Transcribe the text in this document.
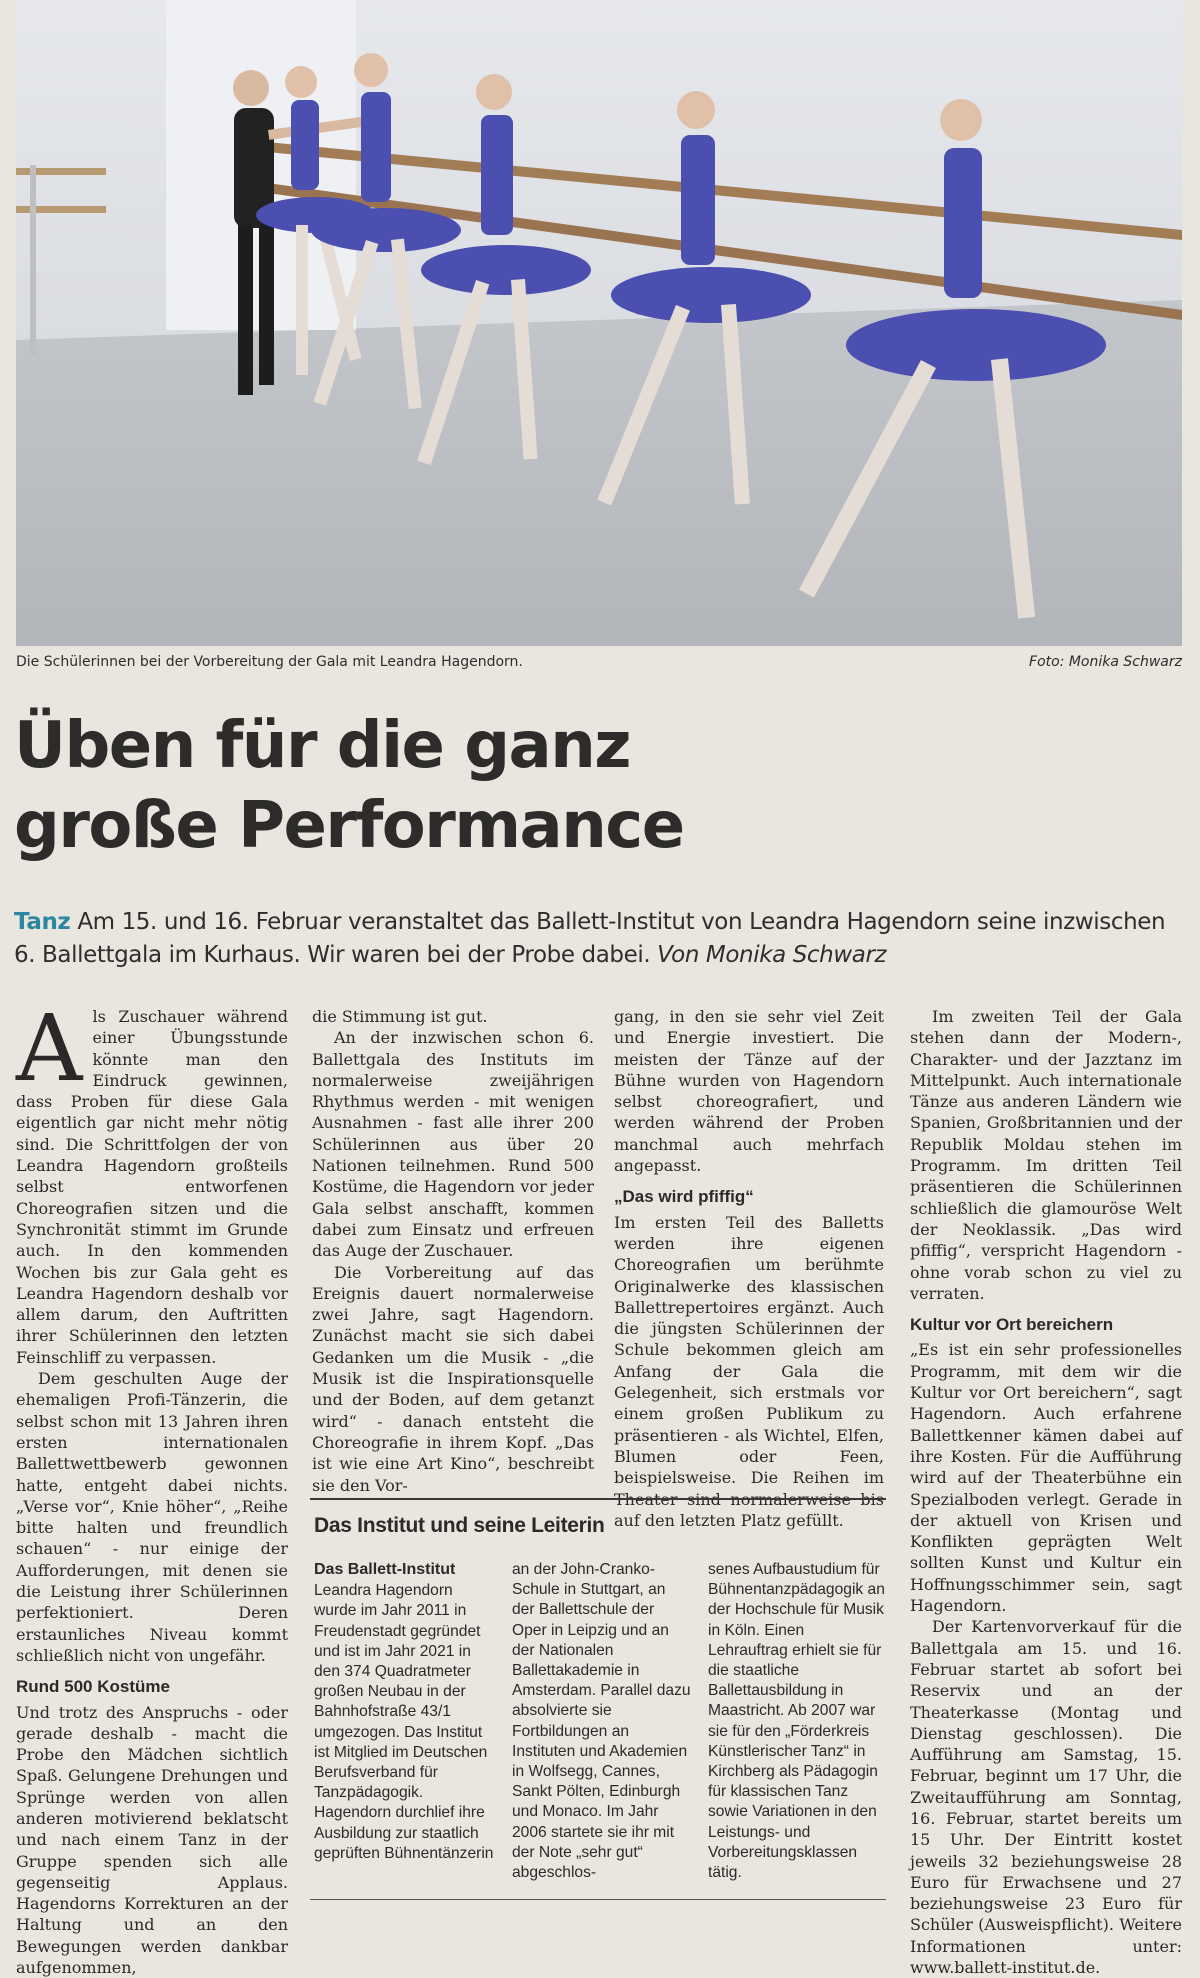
Die Schülerinnen bei der Vorbereitung der Gala mit Leandra Hagendorn.	Foto: Monika Schwarz
Üben für die ganz
große Performance
Tanz Am 15. und 16. Februar veranstaltet das Ballett-Institut von Leandra Hagendorn seine inzwischen 6. Ballettgala im Kurhaus. Wir waren bei der Probe dabei. Von Monika Schwarz

Als Zuschauer während einer Übungsstunde könnte man den Eindruck gewinnen, dass Proben für diese Gala eigentlich gar nicht mehr nötig sind. Die Schrittfolgen der von Leandra Hagendorn großteils selbst entworfenen Choreografien sitzen und die Synchronität stimmt im Grunde auch. In den kommenden Wochen bis zur Gala geht es Leandra Hagendorn deshalb vor allem darum, den Auftritten ihrer Schülerinnen den letzten Feinschliff zu verpassen.

Dem geschulten Auge der ehemaligen Profi-Tänzerin, die selbst schon mit 13 Jahren ihren ersten internationalen Ballettwettbewerb gewonnen hatte, entgeht dabei nichts. „Verse vor“, Knie höher“, „Reihe bitte halten und freundlich schauen“ - nur einige der Aufforderungen, mit denen sie die Leistung ihrer Schülerinnen perfektioniert. Deren erstaunliches Niveau kommt schließlich nicht von ungefähr.

Rund 500 Kostüme

Und trotz des Anspruchs - oder gerade deshalb - macht die Probe den Mädchen sichtlich Spaß. Gelungene Drehungen und Sprünge werden von allen anderen motivierend beklatscht und nach einem Tanz in der Gruppe spenden sich alle gegenseitig Applaus. Hagendorns Korrekturen an der Haltung und an den Bewegungen werden dankbar aufgenommen,

die Stimmung ist gut.

An der inzwischen schon 6. Ballettgala des Instituts im normalerweise zweijährigen Rhythmus werden - mit wenigen Ausnahmen - fast alle ihrer 200 Schülerinnen aus über 20 Nationen teilnehmen. Rund 500 Kostüme, die Hagendorn vor jeder Gala selbst anschafft, kommen dabei zum Einsatz und erfreuen das Auge der Zuschauer.

Die Vorbereitung auf das Ereignis dauert normalerweise zwei Jahre, sagt Hagendorn. Zunächst macht sie sich dabei Gedanken um die Musik - „die Musik ist die Inspirationsquelle und der Boden, auf dem getanzt wird“ - danach entsteht die Choreografie in ihrem Kopf. „Das ist wie eine Art Kino“, beschreibt sie den Vor-

gang, in den sie sehr viel Zeit und Energie investiert. Die meisten der Tänze auf der Bühne wurden von Hagendorn selbst choreografiert, und werden während der Proben manchmal auch mehrfach angepasst.

„Das wird pfiffig“

Im ersten Teil des Balletts werden ihre eigenen Choreografien um berühmte Originalwerke des klassischen Ballettrepertoires ergänzt. Auch die jüngsten Schülerinnen der Schule bekommen gleich am Anfang der Gala die Gelegenheit, sich erstmals vor einem großen Publikum zu präsentieren - als Wichtel, Elfen, Blumen oder Feen, beispielsweise. Die Reihen im Theater sind normalerweise bis auf den letzten Platz gefüllt.

Im zweiten Teil der Gala stehen dann der Modern-, Charakter- und der Jazztanz im Mittelpunkt. Auch internationale Tänze aus anderen Ländern wie Spanien, Großbritannien und der Republik Moldau stehen im Programm. Im dritten Teil präsentieren die Schülerinnen schließlich die glamouröse Welt der Neoklassik. „Das wird pfiffig“, verspricht Hagendorn - ohne vorab schon zu viel zu verraten.

Kultur vor Ort bereichern

„Es ist ein sehr professionelles Programm, mit dem wir die Kultur vor Ort bereichern“, sagt Hagendorn. Auch erfahrene Ballettkenner kämen dabei auf ihre Kosten. Für die Aufführung wird auf der Theaterbühne ein Spezialboden verlegt. Gerade in der aktuell von Krisen und Konflikten geprägten Welt sollten Kunst und Kultur ein Hoffnungsschimmer sein, sagt Hagendorn.

Der Kartenvorverkauf für die Ballettgala am 15. und 16. Februar startet ab sofort bei Reservix und an der Theaterkasse (Montag und Dienstag geschlossen). Die Aufführung am Samstag, 15. Februar, beginnt um 17 Uhr, die Zweitaufführung am Sonntag, 16. Februar, startet bereits um 15 Uhr. Der Eintritt kostet jeweils 32 beziehungsweise 28 Euro für Erwachsene und 27 beziehungsweise 23 Euro für Schüler (Ausweispflicht). Weitere Informationen unter: www.ballett-institut.de.

Das Institut und seine Leiterin
Das Ballett-Institut

Leandra Hagendorn wurde im Jahr 2011 in Freudenstadt gegründet und ist im Jahr 2021 in den 374 Quadratmeter großen Neubau in der Bahnhofstraße 43/1 umgezogen. Das Institut ist Mitglied im Deutschen Berufsverband für Tanzpädagogik. Hagendorn durchlief ihre Ausbildung zur staatlich geprüften Bühnentänzerin

an der John-Cranko-Schule in Stuttgart, an der Ballettschule der Oper in Leipzig und an der Nationalen Ballettakademie in Amsterdam. Parallel dazu absolvierte sie Fortbildungen an Instituten und Akademien in Wolfsegg, Cannes, Sankt Pölten, Edinburgh und Monaco. Im Jahr 2006 startete sie ihr mit der Note „sehr gut“ abgeschlos-

senes Aufbaustudium für Bühnentanzpädagogik an der Hochschule für Musik in Köln. Einen Lehrauftrag erhielt sie für die staatliche Ballettausbildung in Maastricht. Ab 2007 war sie für den „Förderkreis Künstlerischer Tanz“ in Kirchberg als Pädagogin für klassischen Tanz sowie Variationen in den Leistungs- und Vorbereitungsklassen tätig.
